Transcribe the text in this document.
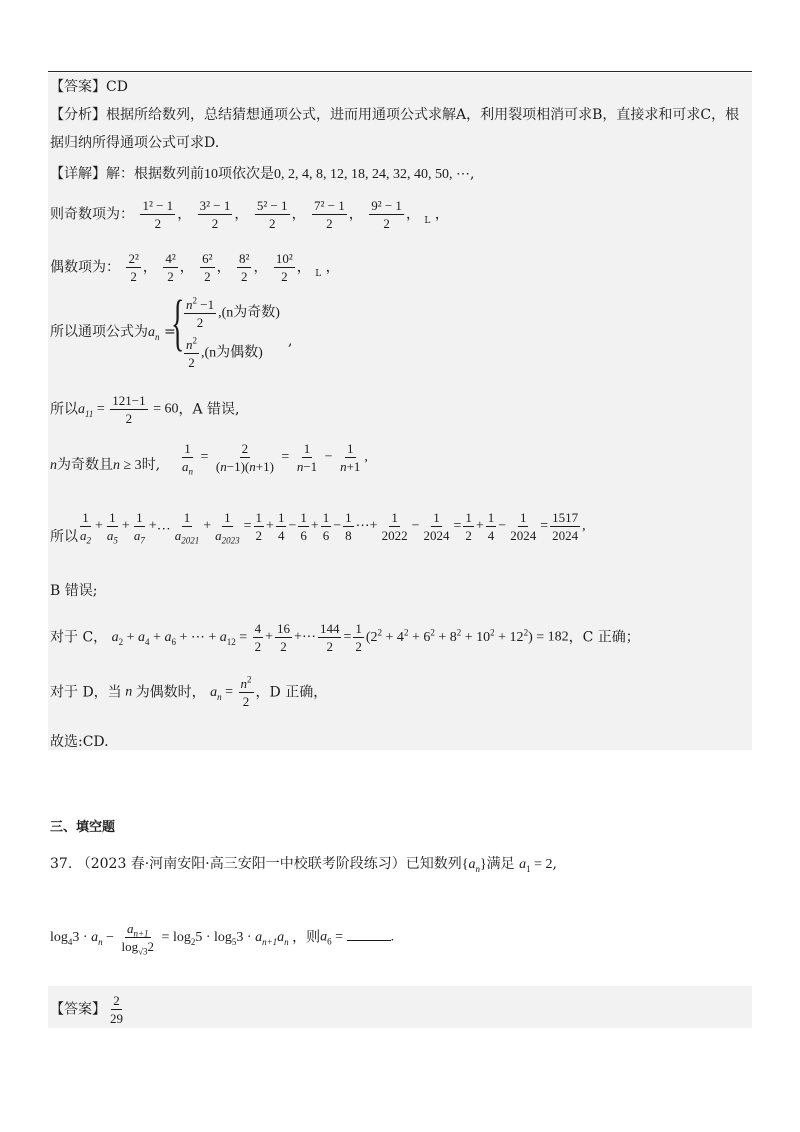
【答案】CD
【分析】根据所给数列，总结猜想通项公式，进而用通项公式求解A，利用裂项相消可求B，直接求和可求C，根
据归纳所得通项公式可求D.
【详解】解：根据数列前10项依次是0, 2, 4, 8, 12, 18, 24, 32, 40, 50, ⋯,
则奇数项为： $\frac{\text{1² − 1}}{2}$ ， $\frac{\text{3² − 1}}{2}$ ， $\frac{\text{5² − 1}}{2}$ ， $\frac{\text{7² − 1}}{2}$ ， $\frac{\text{9² − 1}}{2}$ ， L ，
偶数项为： $\frac{\text{2²}}{2}$ ， $\frac{\text{4²}}{2}$ ， $\frac{\text{6²}}{2}$ ， $\frac{\text{8²}}{2}$ ， $\frac{\text{10²}}{2}$ ， L ，
所以通项公式为$a_n$ =
{ $\frac{n^2 -1}{2} ,(n$为奇数)
$\frac{n^2}{2} ,(n$为偶数)
,
所以$a_{11} = \frac{121-1}{2} = 60$，A 错误,
n为奇数且n ≥ 3时, $\frac{1}{a_n} = \frac{2}{(n-1)(n+1)} = \frac{1}{n-1} - \frac{1}{n+1}$ ,
所以 $\frac{1}{a_2} + \frac{1}{a_5} + \frac{1}{a_7}$ +… $\frac{1}{a_{2021}} + \frac{1}{a_{2023}} = \frac{1}{2} + \frac{1}{4} - \frac{1}{6} + \frac{1}{6} - \frac{1}{8}$ ⋯+ $\frac{1}{2022} - \frac{1}{2024} = \frac{1}{2} + \frac{1}{4} - \frac{1}{2024} = \frac{1517}{2024}$ ,
B 错误;
对于 C， $a_2 + a_4 + a_6$ + ⋯ + $a_{12} = \frac{4}{2} + \frac{16}{2}$ +⋯ $\frac{144}{2} = \frac{1}{2} (2^2 + 4^2 + 6^2 + 8^2 + 10^2 + 12^2) = 182$，C 正确；
对于 D，当 n 为偶数时， $a_n = \frac{n^2}{2}$ ，D 正确，
故选:CD.
三、填空题
37. （2023 春·河南安阳·高三安阳一中校联考阶段练习）已知数列$\{a_n\}$满足 $a_1 = 2$,
$\log_43 \cdot a_n - \frac{a_{n+1}}{\log_{√3}2} = \log_25 \cdot \log_53 \cdot a_{n+1}a_n$ ，则$a_6$ =	.
【答案】 $\frac{2}{29}$
